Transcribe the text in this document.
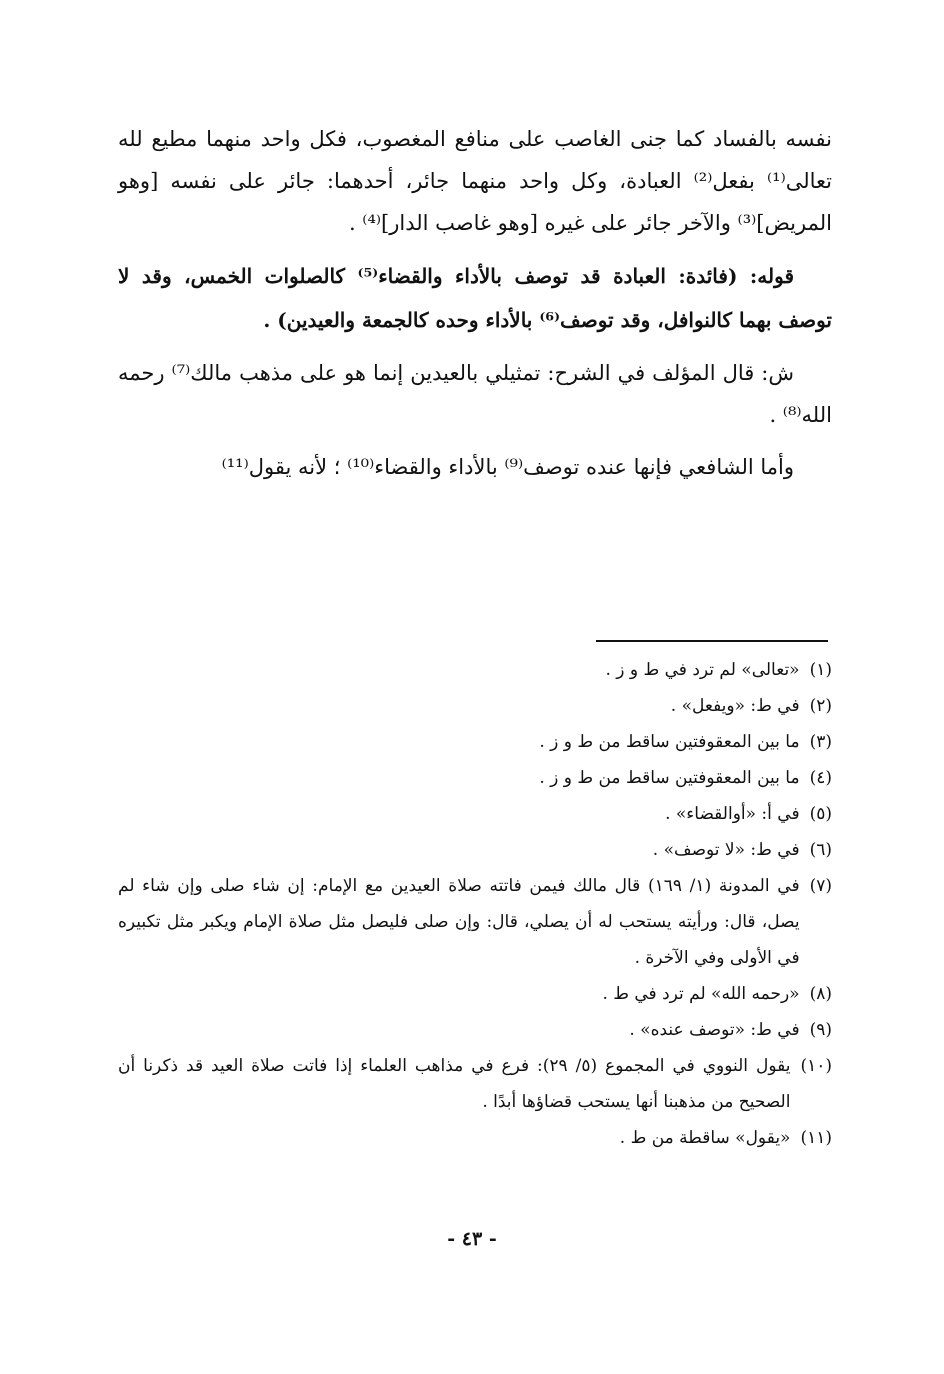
نفسه بالفساد كما جنى الغاصب على منافع المغصوب، فكل واحد منهما مطيع لله تعالى⁽¹⁾ بفعل⁽²⁾ العبادة، وكل واحد منهما جائر، أحدهما: جائر على نفسه [وهو المريض]⁽³⁾ والآخر جائر على غيره [وهو غاصب الدار]⁽⁴⁾ .

قوله: (فائدة: العبادة قد توصف بالأداء والقضاء⁽⁵⁾ كالصلوات الخمس، وقد لا توصف بهما كالنوافل، وقد توصف⁽⁶⁾ بالأداء وحده كالجمعة والعيدين) .

ش: قال المؤلف في الشرح: تمثيلي بالعيدين إنما هو على مذهب مالك⁽⁷⁾ رحمه الله⁽⁸⁾ .

وأما الشافعي فإنها عنده توصف⁽⁹⁾ بالأداء والقضاء⁽¹⁰⁾ ؛ لأنه يقول⁽¹¹⁾

(١)
«تعالى» لم ترد في ط و ز .
(٢)
في ط: «ويفعل» .
(٣)
ما بين المعقوفتين ساقط من ط و ز .
(٤)
ما بين المعقوفتين ساقط من ط و ز .
(٥)
في أ: «أوالقضاء» .
(٦)
في ط: «لا توصف» .
(٧)
في المدونة (١/ ١٦٩) قال مالك فيمن فاتته صلاة العيدين مع الإمام: إن شاء صلى وإن شاء لم يصل، قال: ورأيته يستحب له أن يصلي، قال: وإن صلى فليصل مثل صلاة الإمام ويكبر مثل تكبيره في الأولى وفي الآخرة .
(٨)
«رحمه الله» لم ترد في ط .
(٩)
في ط: «توصف عنده» .
(١٠)
يقول النووي في المجموع (٥/ ٢٩): فرع في مذاهب العلماء إذا فاتت صلاة العيد قد ذكرنا أن الصحيح من مذهبنا أنها يستحب قضاؤها أبدًا .
(١١)
«يقول» ساقطة من ط .
- ٤٣ -
